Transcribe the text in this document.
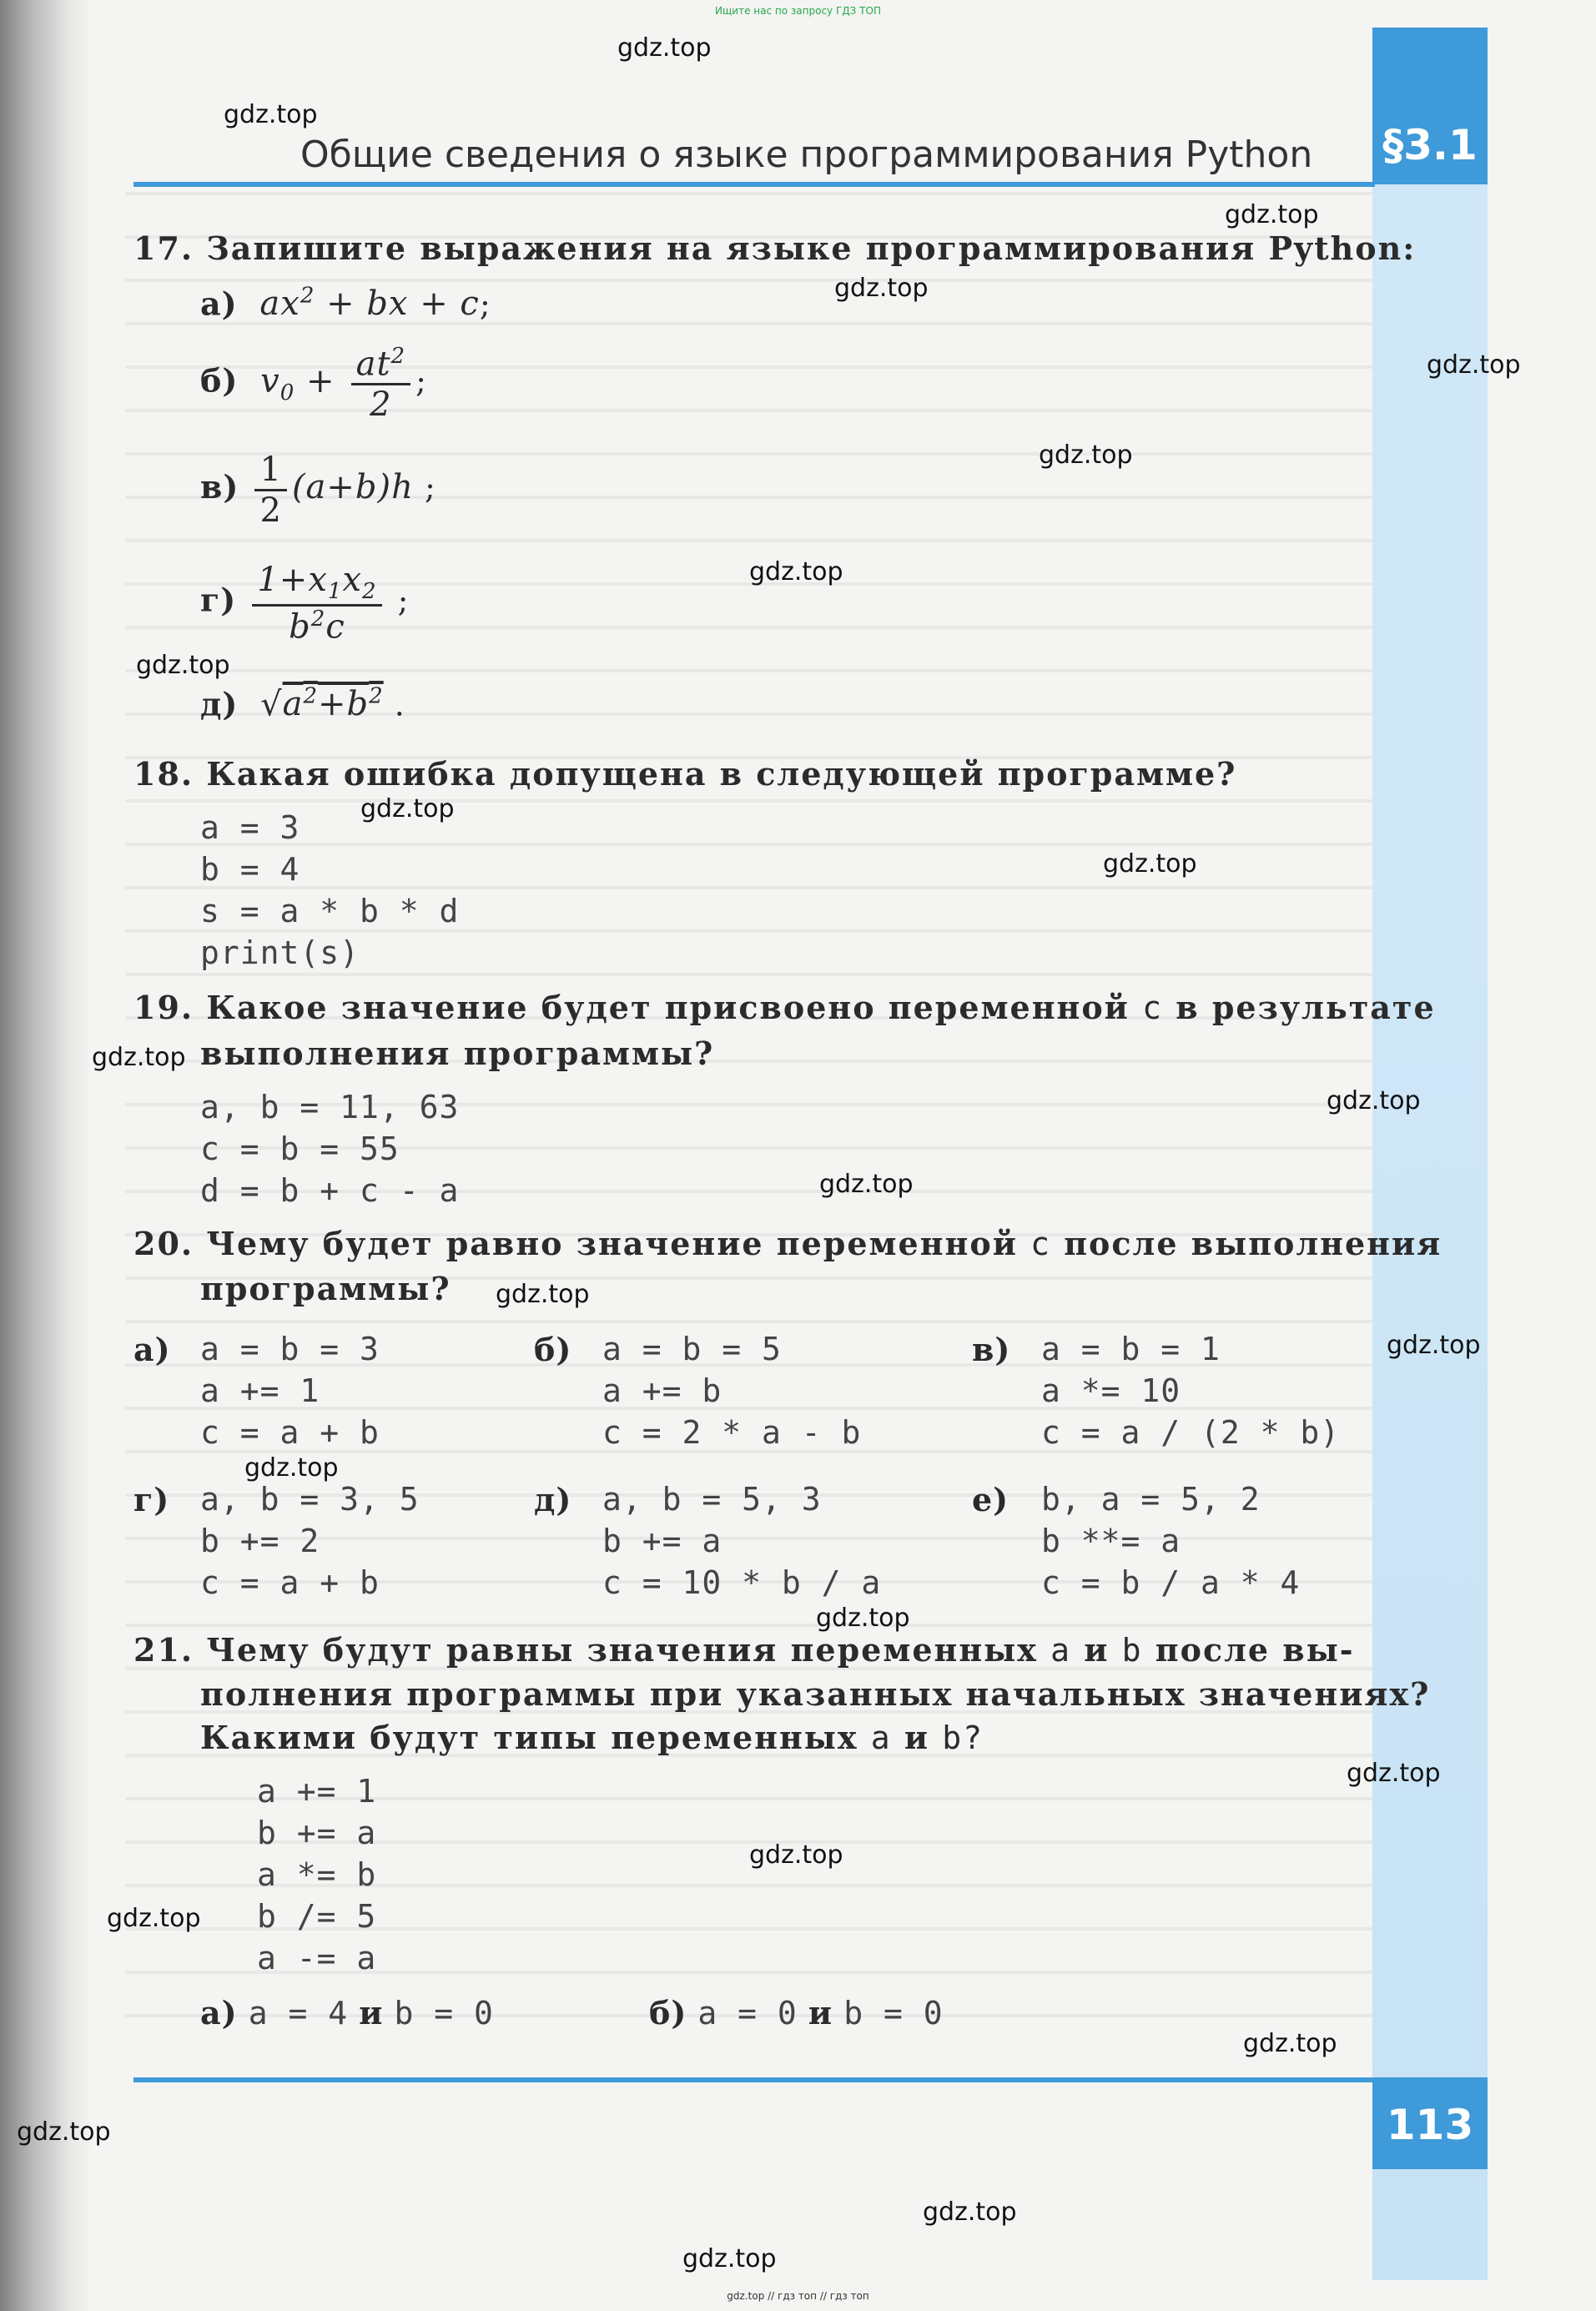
Ищите нас по запросу ГДЗ ТОП
§3.1
Общие сведения о языке программирования Python
17. Запишите выражения на языке программирования Python:
а)  $ax^2$ + bx + c;
б)  $v_0 + \frac{at^2}{2}$ ;
$в) \frac{1}{2} (a+b)h$ ;
$г) \frac{1+x_1x_2}{b^2c}$ ;
д)  $√a^2+b^2$ .
18. Какая ошибка допущена в следующей программе?
a = 3
b = 4
s = a * b * d
print(s)
19. Какое значение будет присвоено переменной c в результате
выполнения программы?
a, b = 11, 63
c = b = 55
d = b + c - a
20. Чему будет равно значение переменной c после выполнения
программы?
а) a = b = 3
a += 1
c = a + b
б) a = b = 5
a += b
c = 2 * a - b
в) a = b = 1
a *= 10
c = a / (2 * b)
г) a, b = 3, 5
b += 2
c = a + b
д) a, b = 5, 3
b += a
c = 10 * b / a
е) b, a = 5, 2
b **= a
c = b / a * 4
21. Чему будут равны значения переменных a и b после вы-
полнения программы при указанных начальных значениях?
Какими будут типы переменных a и b?
a += 1
b += a
a *= b
b /= 5
a -= a
а) a = 4 и b = 0	б) a = 0 и b = 0
113
gdz.top
gdz.top
gdz.top
gdz.top
gdz.top
gdz.top
gdz.top
gdz.top
gdz.top
gdz.top
gdz.top
gdz.top
gdz.top
gdz.top
gdz.top
gdz.top
gdz.top
gdz.top
gdz.top
gdz.top
gdz.top
gdz.top
gdz.top
gdz.top
gdz.top // гдз топ // гдз топ
